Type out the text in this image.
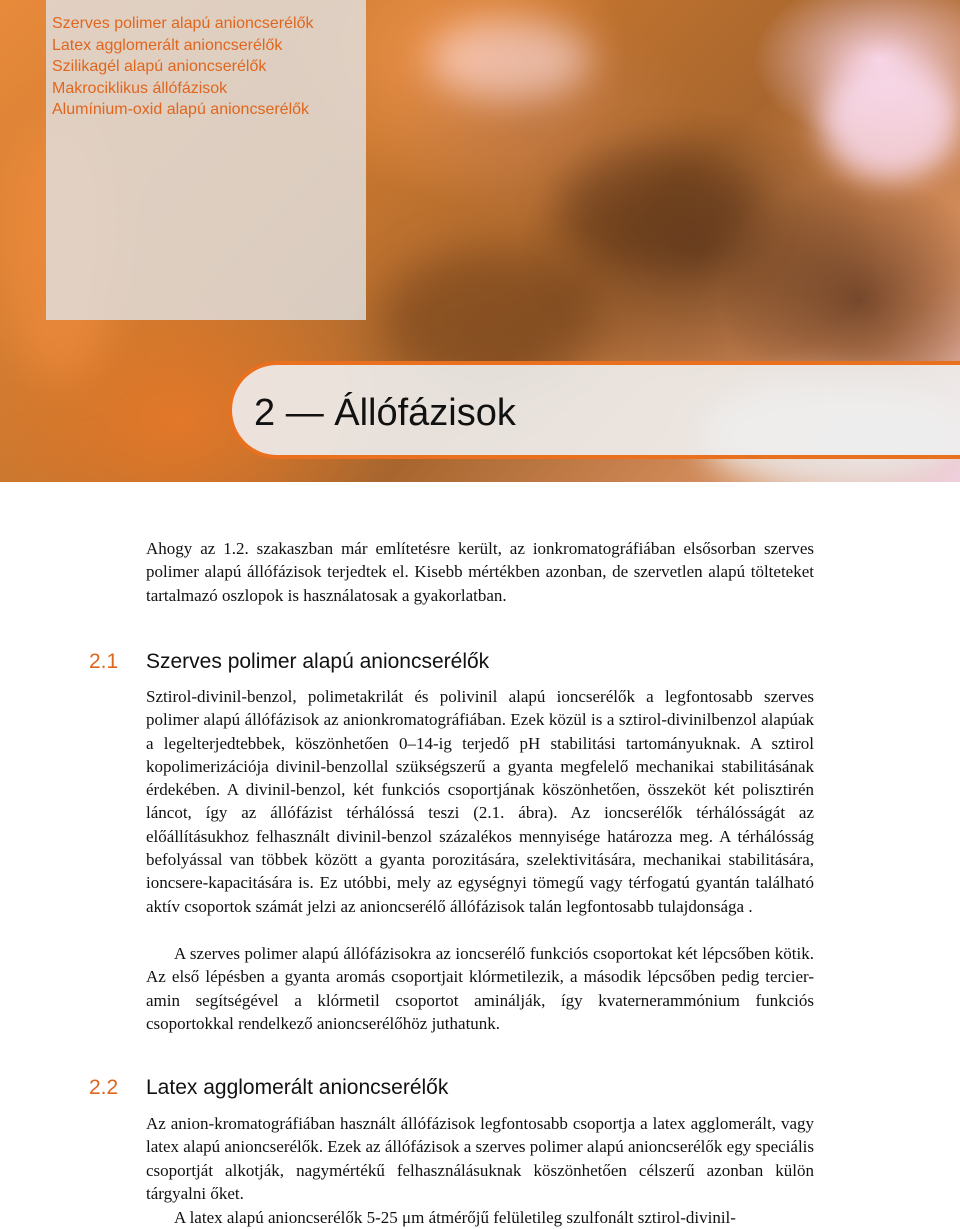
Szerves polimer alapú anioncserélők
Latex agglomerált anioncserélők
Szilikagél alapú anioncserélők
Makrociklikus állófázisok
Alumínium-oxid alapú anioncserélők
2 — Állófázisok

Ahogy az 1.2. szakaszban már említetésre került, az ionkromatográfiában elsősorban szerves polimer alapú állófázisok terjedtek el. Kisebb mértékben azonban, de szervetlen alapú tölteteket tartalmazó oszlopok is használatosak a gyakorlatban.

2.1 Szerves polimer alapú anioncserélők

Sztirol-divinil-benzol, polimetakrilát és polivinil alapú ioncserélők a legfontosabb szerves polimer alapú állófázisok az anionkromatográfiában. Ezek közül is a sztirol-divinilbenzol alapúak a legelterjedtebbek, köszönhetően 0–14-ig terjedő pH stabilitási tartományuknak. A sztirol kopolimerizációja divinil-benzollal szükségszerű a gyanta megfelelő mechanikai stabilitásának érdekében. A divinil-benzol, két funkciós csoportjának köszönhetően, összeköt két polisztirén láncot, így az állófázist térhálóssá teszi (2.1. ábra). Az ioncserélők térhálósságát az előállításukhoz felhasznált divinil-benzol százalékos mennyisége határozza meg. A térhálósság befolyással van többek között a gyanta porozitására, szelektivitására, mechanikai stabilitására, ioncsere-kapacitására is. Ez utóbbi, mely az egységnyi tömegű vagy térfogatú gyantán található aktív csoportok számát jelzi az anioncserélő állófázisok talán legfontosabb tulajdonsága .

A szerves polimer alapú állófázisokra az ioncserélő funkciós csoportokat két lépcsőben kötik. Az első lépésben a gyanta aromás csoportjait klórmetilezik, a második lépcsőben pedig tercier-amin segítségével a klórmetil csoportot aminálják, így kvaternerammónium funkciós csoportokkal rendelkező anioncserélőhöz juthatunk.

2.2 Latex agglomerált anioncserélők

Az anion-kromatográfiában használt állófázisok legfontosabb csoportja a latex agglomerált, vagy latex alapú anioncserélők. Ezek az állófázisok a szerves polimer alapú anioncserélők egy speciális csoportját alkotják, nagymértékű felhasználásuknak köszönhetően célszerű azonban külön tárgyalni őket.

A latex alapú anioncserélők 5-25 μm átmérőjű felületileg szulfonált sztirol-divinil-
